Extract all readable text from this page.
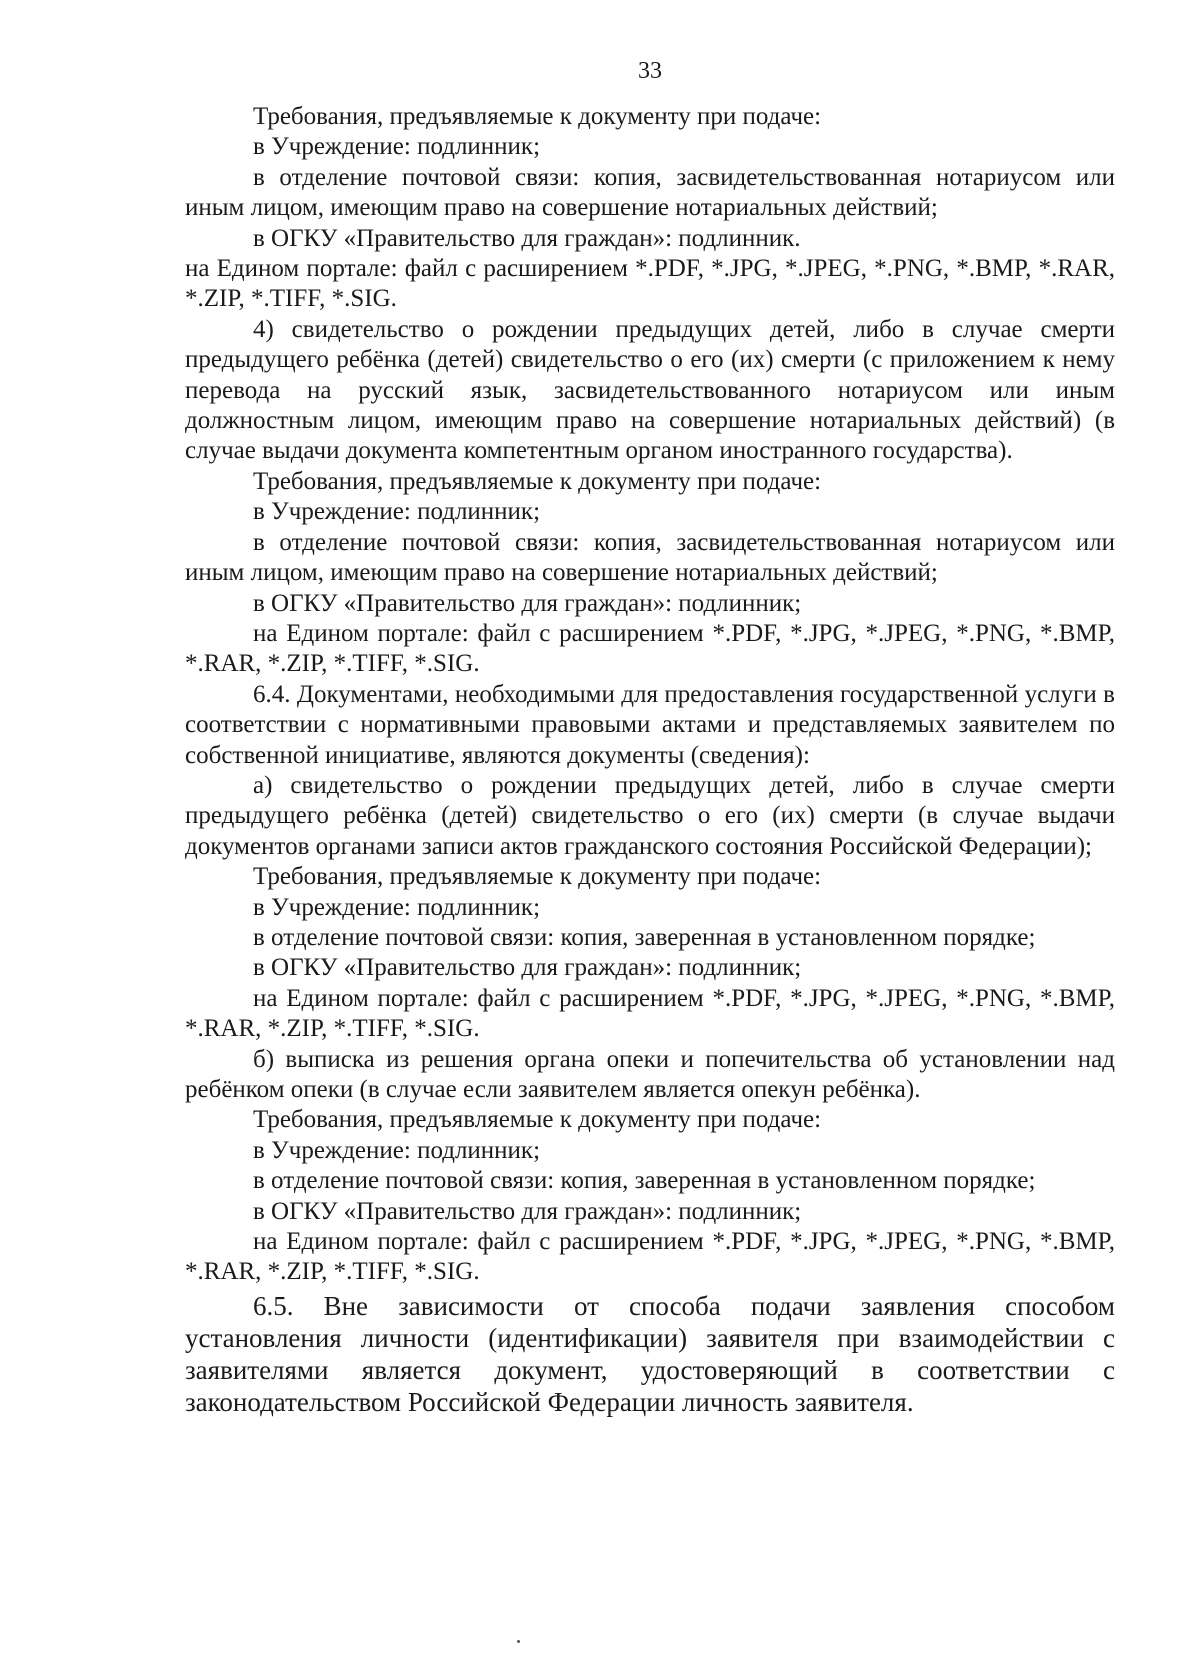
33

Требования, предъявляемые к документу при подаче:

в Учреждение: подлинник;

в отделение почтовой связи: копия, засвидетельствованная нотариусом или иным лицом, имеющим право на совершение нотариальных действий;

в ОГКУ «Правительство для граждан»: подлинник.

на Едином портале: файл с расширением *.PDF, *.JPG, *.JPEG, *.PNG, *.BMP, *.RAR, *.ZIP, *.TIFF, *.SIG.

4) свидетельство о рождении предыдущих детей, либо в случае смерти предыдущего ребёнка (детей) свидетельство о его (их) смерти (с приложением к нему перевода на русский язык, засвидетельствованного нотариусом или иным должностным лицом, имеющим право на совершение нотариальных действий) (в случае выдачи документа компетентным органом иностранного государства).

Требования, предъявляемые к документу при подаче:

в Учреждение: подлинник;

в отделение почтовой связи: копия, засвидетельствованная нотариусом или иным лицом, имеющим право на совершение нотариальных действий;

в ОГКУ «Правительство для граждан»: подлинник;

на Едином портале: файл с расширением *.PDF, *.JPG, *.JPEG, *.PNG, *.BMP, *.RAR, *.ZIP, *.TIFF, *.SIG.

6.4. Документами, необходимыми для предоставления государственной услуги в соответствии с нормативными правовыми актами и представляемых заявителем по собственной инициативе, являются документы (сведения):

а) свидетельство о рождении предыдущих детей, либо в случае смерти предыдущего ребёнка (детей) свидетельство о его (их) смерти (в случае выдачи документов органами записи актов гражданского состояния Российской Федерации);

Требования, предъявляемые к документу при подаче:

в Учреждение: подлинник;

в отделение почтовой связи: копия, заверенная в установленном порядке;

в ОГКУ «Правительство для граждан»: подлинник;

на Едином портале: файл с расширением *.PDF, *.JPG, *.JPEG, *.PNG, *.BMP, *.RAR, *.ZIP, *.TIFF, *.SIG.

б) выписка из решения органа опеки и попечительства об установлении над ребёнком опеки (в случае если заявителем является опекун ребёнка).

Требования, предъявляемые к документу при подаче:

в Учреждение: подлинник;

в отделение почтовой связи: копия, заверенная в установленном порядке;

в ОГКУ «Правительство для граждан»: подлинник;

на Едином портале: файл с расширением *.PDF, *.JPG, *.JPEG, *.PNG, *.BMP, *.RAR, *.ZIP, *.TIFF, *.SIG.

6.5. Вне зависимости от способа подачи заявления способом установления личности (идентификации) заявителя при взаимодействии с заявителями является документ, удостоверяющий в соответствии с законодательством Российской Федерации личность заявителя.
